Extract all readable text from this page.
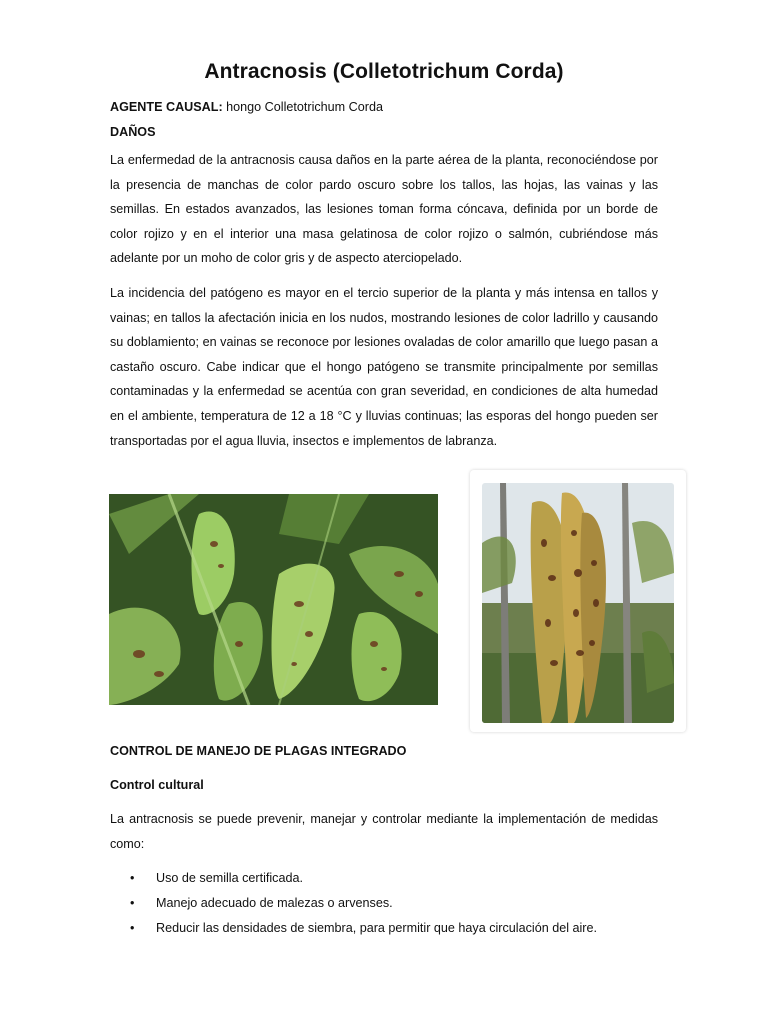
Antracnosis (Colletotrichum Corda)
AGENTE CAUSAL: hongo Colletotrichum Corda
DAÑOS
La enfermedad de la antracnosis causa daños en la parte aérea de la planta, reconociéndose por la presencia de manchas de color pardo oscuro sobre los tallos, las hojas, las vainas y las semillas. En estados avanzados, las lesiones toman forma cóncava, definida por un borde de color rojizo y en el interior una masa gelatinosa de color rojizo o salmón, cubriéndose más adelante por un moho de color gris y de aspecto aterciopelado.
La incidencia del patógeno es mayor en el tercio superior de la planta y más intensa en tallos y vainas; en tallos la afectación inicia en los nudos, mostrando lesiones de color ladrillo y causando su doblamiento; en vainas se reconoce por lesiones ovaladas de color amarillo que luego pasan a castaño oscuro. Cabe indicar que el hongo patógeno se transmite principalmente por semillas contaminadas y la enfermedad se acentúa con gran severidad, en condiciones de alta humedad en el ambiente, temperatura de 12 a 18 °C y lluvias continuas; las esporas del hongo pueden ser transportadas por el agua lluvia, insectos e implementos de labranza.
CONTROL DE MANEJO DE PLAGAS INTEGRADO
Control cultural
La antracnosis se puede prevenir, manejar y controlar mediante la implementación de medidas como:
• Uso de semilla certificada.
• Manejo adecuado de malezas o arvenses.
• Reducir las densidades de siembra, para permitir que haya circulación del aire.
